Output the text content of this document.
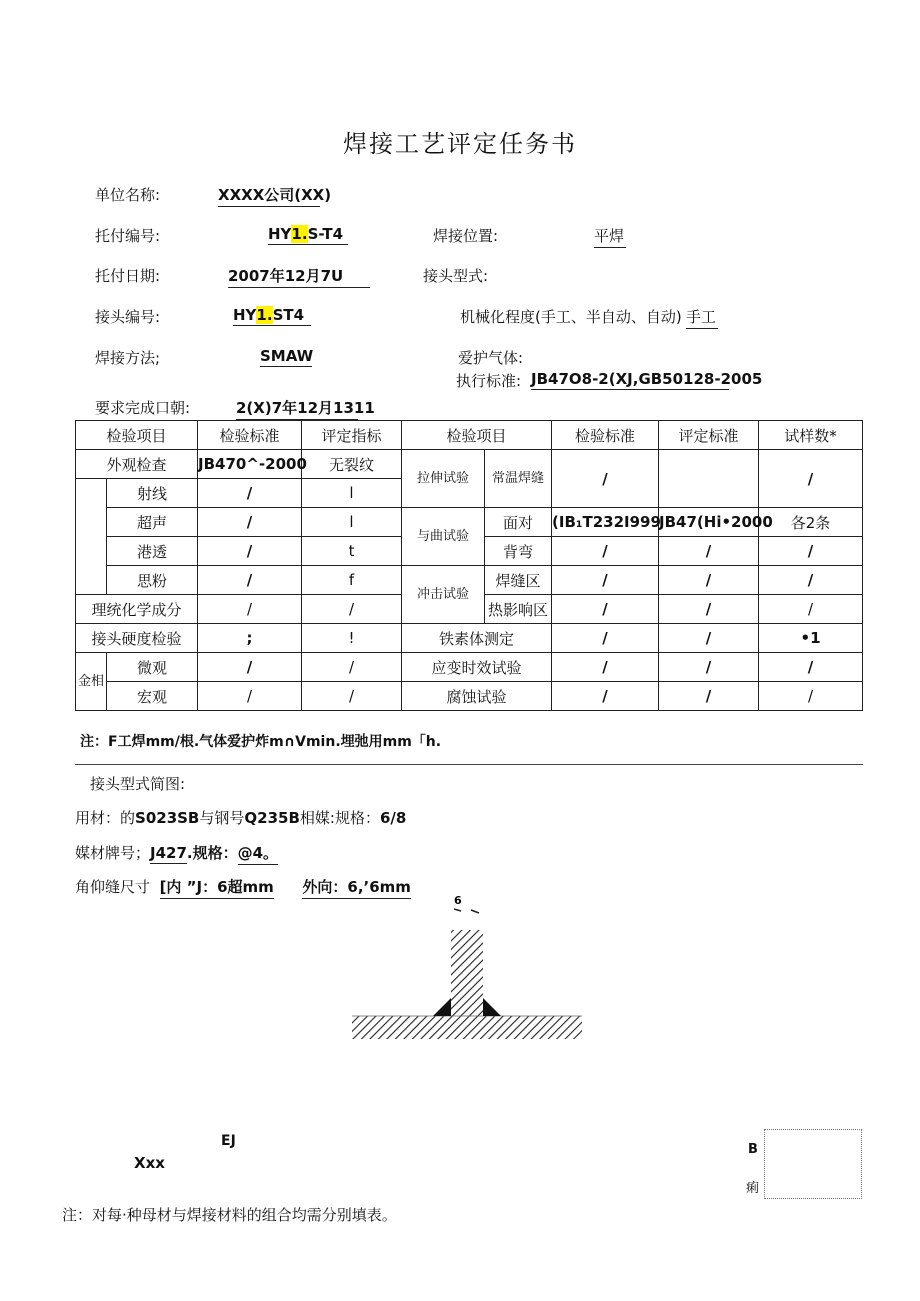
焊接工艺评定任务书
单位名称:	XXXX公司(XX)
托付编号:	HY1.S-T4	焊接位置:	平焊
托付日期:	2007年12月7U	接头型式:
接头编号:	HY1.ST4	机械化程度(手工、半自动、自动) 手工
焊接方法;	SMAW	爱护气体:
执行标准: JB47O8-2(XJ,GB50128-2005
要求完成口朝:	2(X)7年12月1311
检验项目		检验标准	评定指标	检验项目		检验标准	评定标准	试样数*
外观检查		JB470^-2000	无裂纹	拉伸试验	常温焊缝	/		/
	射线	/	l					
	超声	/	l	与曲试验	面对	(IB₁T232I999	JB47(Hi•2000	各2条
	港透	/	t		背弯	/	/	/
	思粉	/	f	冲击试验	焊缝区	/	/	/
理统化学成分		/	/		热影响区	/	/	/
接头硬度检验		;	!	铁素体测定		/	/	•1
金相	微观	/	/	应变时效试验		/	/	/
	宏观	/	/	腐蚀试验		/	/	/
注：F工焊mm/根.气体爱护炸m∩Vmin.埋弛用mm「h.
接头型式简图:
用材：的S023SB与钢号Q235B相媒:规格：6/8
媒材牌号；J427.规格：@4。
角仰缝尺寸 [内 ”J：6超mm 外向：6,’6mm
6
EJ
Xxx
B
痢
注：对每·种母材与焊接材料的组合均需分别填表。
